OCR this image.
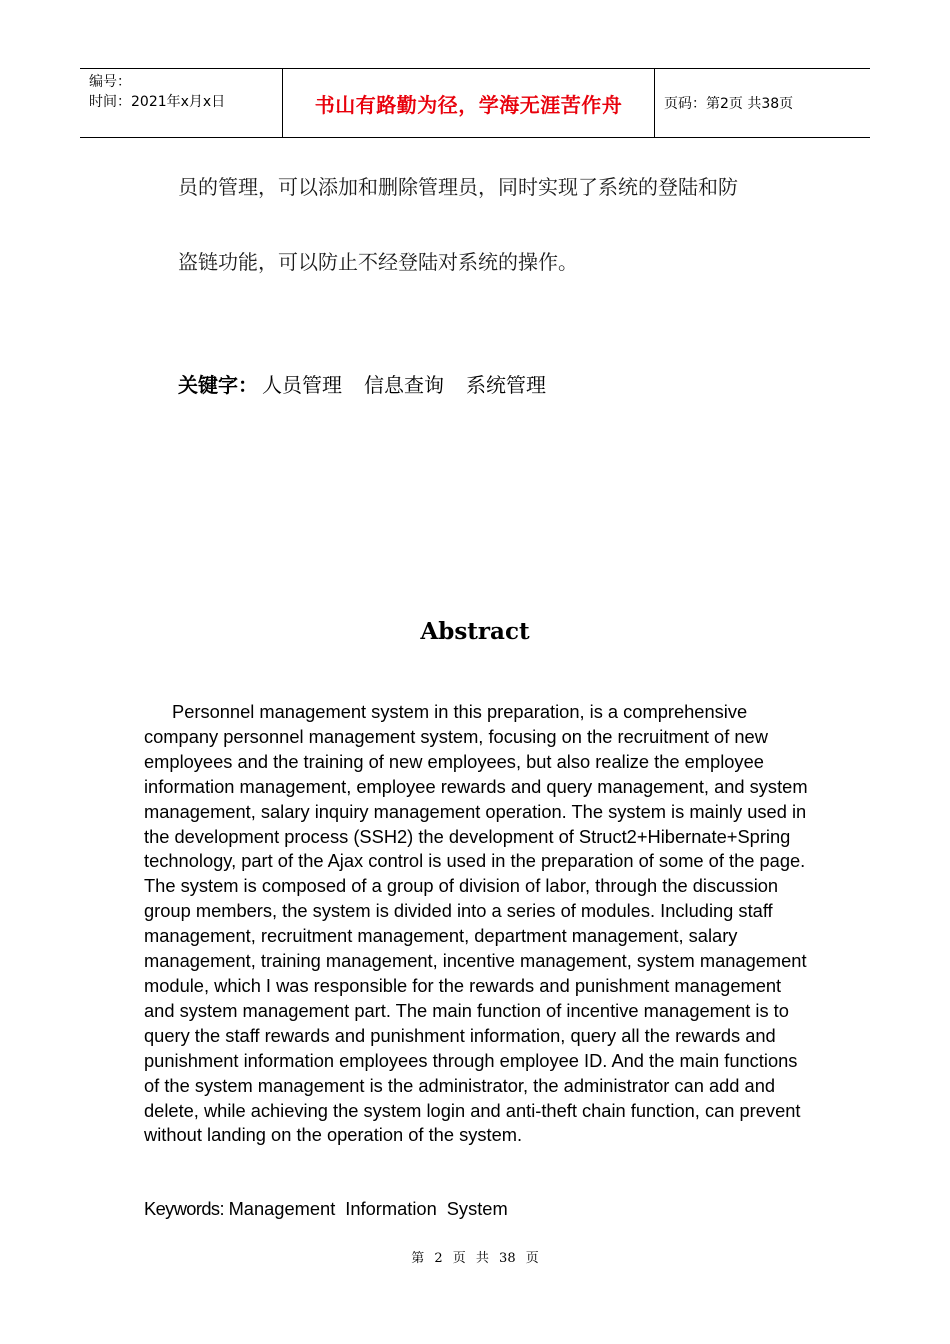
编号：
时间：2021年x月x日	书山有路勤为径，学海无涯苦作舟	页码：第2页 共38页
员的管理，可以添加和删除管理员，同时实现了系统的登陆和防
盗链功能，可以防止不经登陆对系统的操作。
关键字： 人员管理 信息查询 系统管理
Abstract

Personnel management system in this preparation, is a comprehensive company personnel management system, focusing on the recruitment of new employees and the training of new employees, but also realize the employee information management, employee rewards and query management, and system management, salary inquiry management operation. The system is mainly used in the development process (SSH2) the development of Struct2+Hibernate+Spring technology, part of the Ajax control is used in the preparation of some of the page. The system is composed of a group of division of labor, through the discussion group members, the system is divided into a series of modules. Including staff management, recruitment management, department management, salary management, training management, incentive management, system management module, which I was responsible for the rewards and punishment management and system management part. The main function of incentive management is to query the staff rewards and punishment information, query all the rewards and punishment information employees through employee ID. And the main functions of the system management is the administrator, the administrator can add and delete, while achieving the system login and anti-theft chain function, can prevent without landing on the operation of the system.

Keywords: Management Information System
第 2 页 共 38 页
